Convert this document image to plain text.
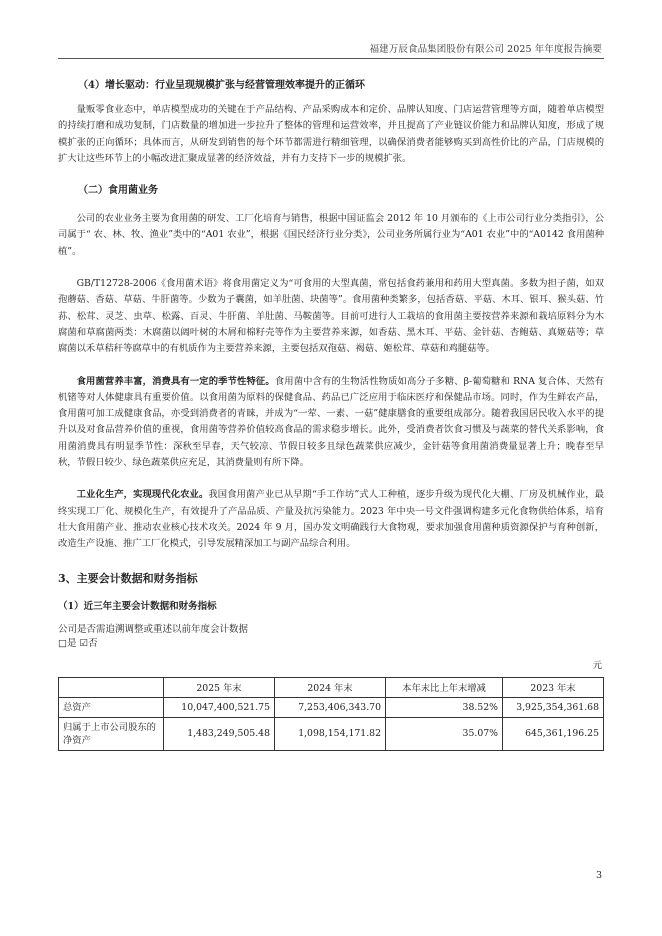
福建万辰食品集团股份有限公司 2025 年年度报告摘要
（4）增长驱动：行业呈现规模扩张与经营管理效率提升的正循环

量贩零食业态中，单店模型成功的关键在于产品结构、产品采购成本和定价、品牌认知度、门店运营管理等方面，随着单店模型的持续打磨和成功复制，门店数量的增加进一步拉升了整体的管理和运营效率，并且提高了产业链议价能力和品牌认知度，形成了规模扩张的正向循环；具体而言，从研发到销售的每个环节都需进行精细管理，以确保消费者能够购买到高性价比的产品，门店规模的扩大让这些环节上的小幅改进汇聚成显著的经济效益，并有力支持下一步的规模扩张。

（二）食用菌业务

公司的农业业务主要为食用菌的研发、工厂化培育与销售，根据中国证监会 2012 年 10 月颁布的《上市公司行业分类指引》，公司属于“ 农、林、牧、渔业”类中的“A01 农业”，根据《国民经济行业分类》，公司业务所属行业为“A01 农业”中的“A0142 食用菌种植”。

GB/T12728-2006《食用菌术语》将食用菌定义为“可食用的大型真菌，常包括食药兼用和药用大型真菌。多数为担子菌，如双孢蘑菇、香菇、草菇、牛肝菌等。少数为子囊菌，如羊肚菌、块菌等”。食用菌种类繁多，包括香菇、平菇、木耳、银耳、猴头菇、竹荪、松茸、灵芝、虫草、松露、百灵、牛肝菌、羊肚菌、马鞍菌等。目前可进行人工栽培的食用菌主要按营养来源和栽培原料分为木腐菌和草腐菌两类：木腐菌以阔叶树的木屑和棉籽壳等作为主要营养来源，如香菇、黑木耳、平菇、金针菇、杏鲍菇、真姬菇等；草腐菌以禾草秸秆等腐草中的有机质作为主要营养来源，主要包括双孢菇、褐菇、姬松茸、草菇和鸡腿菇等。

食用菌营养丰富，消费具有一定的季节性特征。食用菌中含有的生物活性物质如高分子多糖、β-葡萄糖和 RNA 复合体、天然有机锗等对人体健康具有重要价值。以食用菌为原料的保健食品、药品已广泛应用于临床医疗和保健品市场。同时，作为生鲜农产品，食用菌可加工成健康食品，亦受到消费者的青睐，并成为“一荤、一素、一菇”健康膳食的重要组成部分。随着我国居民收入水平的提升以及对食品营养价值的重视，食用菌等营养价值较高食品的需求稳步增长。此外，受消费者饮食习惯及与蔬菜的替代关系影响，食用菌消费具有明显季节性：深秋至早春，天气较凉、节假日较多且绿色蔬菜供应减少，金针菇等食用菌消费量显著上升；晚春至早秋，节假日较少、绿色蔬菜供应充足，其消费量则有所下降。

工业化生产，实现现代化农业。我国食用菌产业已从早期“手工作坊”式人工种植，逐步升级为现代化大棚、厂房及机械作业，最终实现工厂化、规模化生产，有效提升了产品品质、产量及抗污染能力。2023 年中央一号文件强调构建多元化食物供给体系，培育壮大食用菌产业、推动农业核心技术攻关。2024 年 9 月，国办发文明确践行大食物观，要求加强食用菌种质资源保护与育种创新，改造生产设施、推广工厂化模式，引导发展精深加工与副产品综合利用。

3、主要会计数据和财务指标
（1）近三年主要会计数据和财务指标
公司是否需追溯调整或重述以前年度会计数据
□是 ☑否
元
	2025 年末	2024 年末	本年末比上年末增减	2023 年末
总资产	10,047,400,521.75	7,253,406,343.70	38.52%	3,925,354,361.68
归属于上市公司股东的净资产	1,483,249,505.48	1,098,154,171.82	35.07%	645,361,196.25
3
